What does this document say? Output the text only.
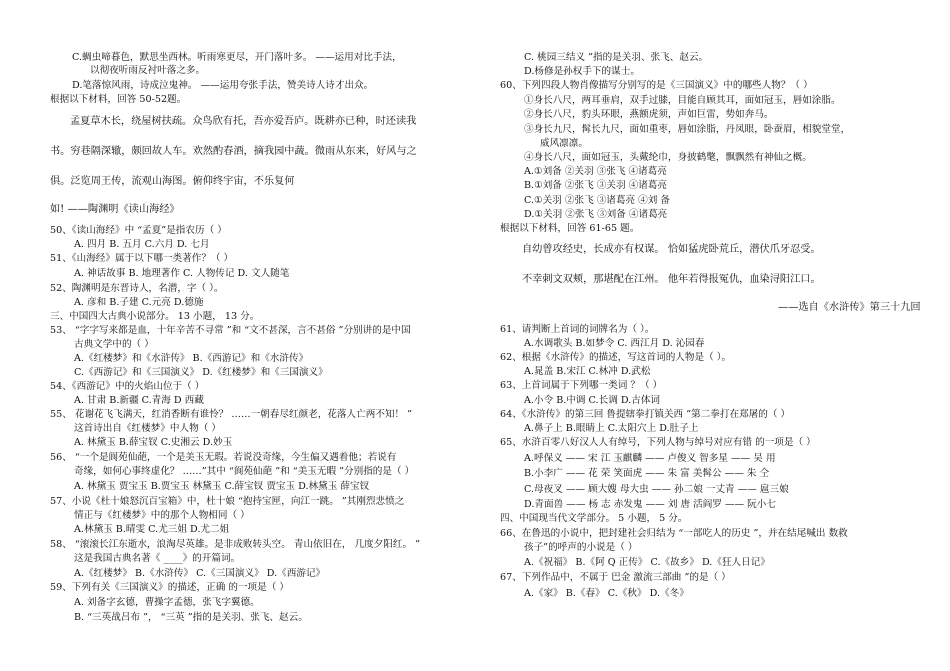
C.蜩虫啼暮色，默思坐西林。听雨寒更尽，开门落叶多。 ——运用对比手法，
以彻夜听雨反衬叶落之多。
D.笔落惊风雨，诗成泣鬼神。 ——运用夸张手法，赞美诗人诗才出众。
根据以下材料，回答 50-52题。
孟夏草木长，绕屋树扶疏。众鸟欣有托，吾亦爱吾庐。既耕亦已种，时还读我
书。穷巷隔深辙，颇回故人车。欢然酌春酒，摘我园中蔬。微雨从东来，好风与之
俱。泛览周王传，流观山海图。俯仰终宇宙，不乐复何
如! ——陶渊明《读山海经》
50、《读山海经》中 “孟夏”是指农历（ ）
A. 四月 B. 五月 C.六月 D. 七月
51、《山海经》属于以下哪一类著作？（ ）
A. 神话故事 B. 地理著作 C. 人物传记 D. 文人随笔
52、陶渊明是东晋诗人，名潜，字（ ）。
A. 彦和 B.子建 C.元亮 D.德施
三、中国四大古典小说部分。 13 小题， 13 分。
53、 “字字写来都是血，十年辛苦不寻常 ”和 “文不甚深，言不甚俗 ”分别讲的是中国
古典文学中的（ ）
A.《红楼梦》和《水浒传》 B.《西游记》和《水浒传》
C.《西游记》和《三国演义》 D.《红楼梦》和《三国演义》
54、《西游记》中的火焰山位于（ ）
A. 甘肃 B.新疆 C.青海 D 西藏
55、 花谢花飞飞满天，红消香断有谁怜？ ……一朝春尽红颜老，花落人亡两不知！ ”
这首诗出自《红楼梦》中人物（ ）
A. 林黛玉 B.薛宝钗 C.史湘云 D.妙玉
56、 “一个是阆苑仙葩，一个是美玉无瑕。若说没奇缘，今生偏又遇着他；若说有
奇缘，如何心事终虚化？ ……”其中 “阆苑仙葩 ”和 “美玉无暇 ”分别指的是（ ）
A. 林黛玉 贾宝玉 B.贾宝玉 林黛玉 C.薛宝钗 贾宝玉 D.林黛玉 薛宝钗
57、小说《杜十娘怒沉百宝箱》中，杜十娘 “抱持宝匣，向江一跳。 ”其刚烈悲愤之
情正与《红楼梦》中的那个人物相同（ ）
A.林黛玉 B.晴雯 C.尤三姐 D.尤二姐
58、 “滚滚长江东逝水，浪淘尽英雄。是非成败转头空。 青山依旧在， 几度夕阳红。 ”
这是我国古典名著《 ____》的开篇词。
A.《红楼梦》 B.《水浒传》 C.《三国演义》 D.《西游记》
59、下列有关《三国演义》的描述，正确 的一项是（ ）
A. 刘备字玄德，曹操字孟德，张飞字翼德。
B. “三英战吕布 ”， “三英 ”指的是关羽、张飞、赵云。
C. 桃园三结义 ”指的是关羽、张飞、赵云。
D.杨修是孙权手下的谋士。
60、下列四段人物肖像描写分别写的是《三国演义》中的哪些人物？（ ）
①身长八尺，两耳垂肩，双手过膝，目能自顾其耳，面如冠玉，唇如涂脂。
②身长八尺，豹头环眼，燕额虎须，声如巨雷，势如奔马。
③身长九尺，髯长九尺，面如重枣，唇如涂脂，丹凤眼，卧蚕眉，相貌堂堂，
威风凛凛。
④身长八尺，面如冠玉，头戴纶巾，身披鹤氅，飘飘然有神仙之概。
A.①刘备 ②关羽 ③张飞 ④诸葛亮
B.①刘备 ②张飞 ③关羽 ④诸葛亮
C.①关羽 ②张飞 ③诸葛亮 ④刘 备
D.①关羽 ②张飞 ③刘备 ④诸葛亮
根据以下材料，回答 61-65 题。
自幼曾攻经史，长成亦有权谋。 恰如猛虎卧荒丘，潜伏爪牙忍受。
不幸刺文双颊，那堪配在江州。 他年若得报冤仇，血染浔阳江口。
——选自《水浒传》第三十九回
61、请判断上首词的词牌名为（ ）。
A.水调歌头 B.如梦令 C. 西江月 D. 沁园春
62、根据《水浒传》的描述，写这首词的人物是（ ）。
A.晁盖 B.宋江 C.林冲 D.武松
63、上首词属于下列哪一类词 ？（ ）
A.小令 B.中调 C.长调 D.古体词
64、《水浒传》的第三回 鲁提辖拳打镇关西 ”第二拳打在郑屠的（ ）
A.鼻子上 B.眼睛上 C.太阳穴上 D.肚子上
65、水浒百零八好汉人人有绰号，下列人物与绰号对应有错 的一项是（ ）
A.呼保义 —— 宋 江 玉麒麟 —— 卢俊义 智多星 —— 吴 用
B.小李广 —— 花 荣 笑面虎 —— 朱 富 美髯公 —— 朱 仝
C.母夜叉 —— 顾大嫂 母大虫 —— 孙二娘 一丈青 —— 扈三娘
D.青面兽 —— 杨 志 赤发鬼 —— 刘 唐 活阎罗 —— 阮小七
四、中国现当代文学部分。 5 小题， 5 分。
66、在鲁迅的小说中，把封建社会归结为 “一部吃人的历史 ”，并在结尾喊出 数救
孩子”的呼声的小说是（ ）
A.《祝福》 B.《阿 Q 正传》 C.《故乡》 D.《狂人日记》
67、下列作品中，不属于 巴金 激流三部曲 ”的是（ ）
A.《家》 B.《春》 C.《秋》 D.《冬》
